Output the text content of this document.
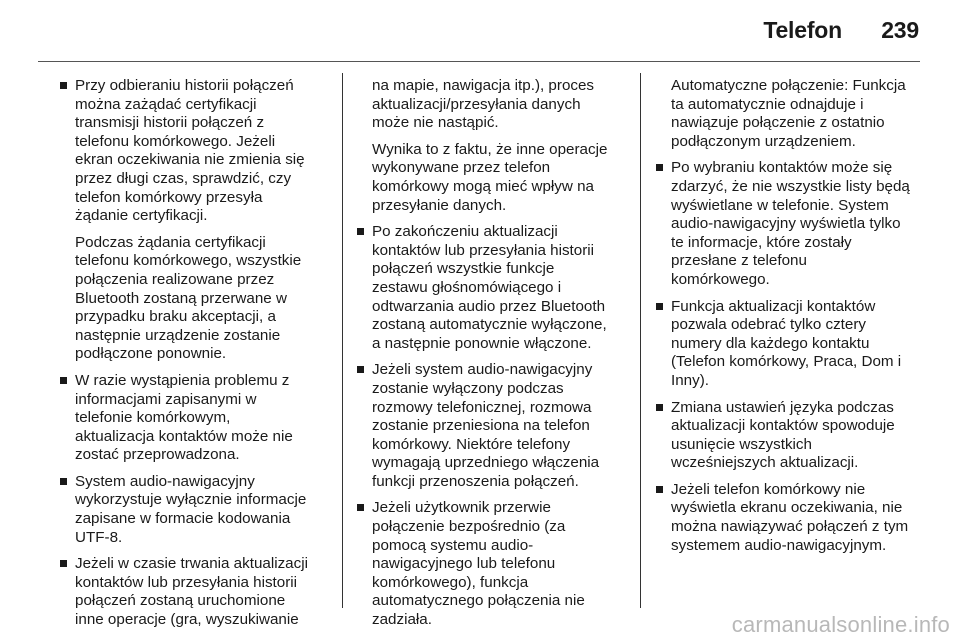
Telefon 239
Przy odbieraniu historii połączeń
można zażądać certyfikacji
transmisji historii połączeń z
telefonu komórkowego. Jeżeli
ekran oczekiwania nie zmienia się
przez długi czas, sprawdzić, czy
telefon komórkowy przesyła
żądanie certyfikacji.
Podczas żądania certyfikacji
telefonu komórkowego, wszystkie
połączenia realizowane przez
Bluetooth zostaną przerwane w
przypadku braku akceptacji, a
następnie urządzenie zostanie
podłączone ponownie.
W razie wystąpienia problemu z
informacjami zapisanymi w
telefonie komórkowym,
aktualizacja kontaktów może nie
zostać przeprowadzona.
System audio-nawigacyjny
wykorzystuje wyłącznie informacje
zapisane w formacie kodowania
UTF-8.
Jeżeli w czasie trwania aktualizacji
kontaktów lub przesyłania historii
połączeń zostaną uruchomione
inne operacje (gra, wyszukiwanie
na mapie, nawigacja itp.), proces
aktualizacji/przesyłania danych
może nie nastąpić.
Wynika to z faktu, że inne operacje
wykonywane przez telefon
komórkowy mogą mieć wpływ na
przesyłanie danych.
Po zakończeniu aktualizacji
kontaktów lub przesyłania historii
połączeń wszystkie funkcje
zestawu głośnomówiącego i
odtwarzania audio przez Bluetooth
zostaną automatycznie wyłączone,
a następnie ponownie włączone.
Jeżeli system audio-nawigacyjny
zostanie wyłączony podczas
rozmowy telefonicznej, rozmowa
zostanie przeniesiona na telefon
komórkowy. Niektóre telefony
wymagają uprzedniego włączenia
funkcji przenoszenia połączeń.
Jeżeli użytkownik przerwie
połączenie bezpośrednio (za
pomocą systemu audio-
nawigacyjnego lub telefonu
komórkowego), funkcja
automatycznego połączenia nie
zadziała.
Automatyczne połączenie: Funkcja
ta automatycznie odnajduje i
nawiązuje połączenie z ostatnio
podłączonym urządzeniem.
Po wybraniu kontaktów może się
zdarzyć, że nie wszystkie listy będą
wyświetlane w telefonie. System
audio-nawigacyjny wyświetla tylko
te informacje, które zostały
przesłane z telefonu
komórkowego.
Funkcja aktualizacji kontaktów
pozwala odebrać tylko cztery
numery dla każdego kontaktu
(Telefon komórkowy, Praca, Dom i
Inny).
Zmiana ustawień języka podczas
aktualizacji kontaktów spowoduje
usunięcie wszystkich
wcześniejszych aktualizacji.
Jeżeli telefon komórkowy nie
wyświetla ekranu oczekiwania, nie
można nawiązywać połączeń z tym
systemem audio-nawigacyjnym.
carmanualsonline.info
